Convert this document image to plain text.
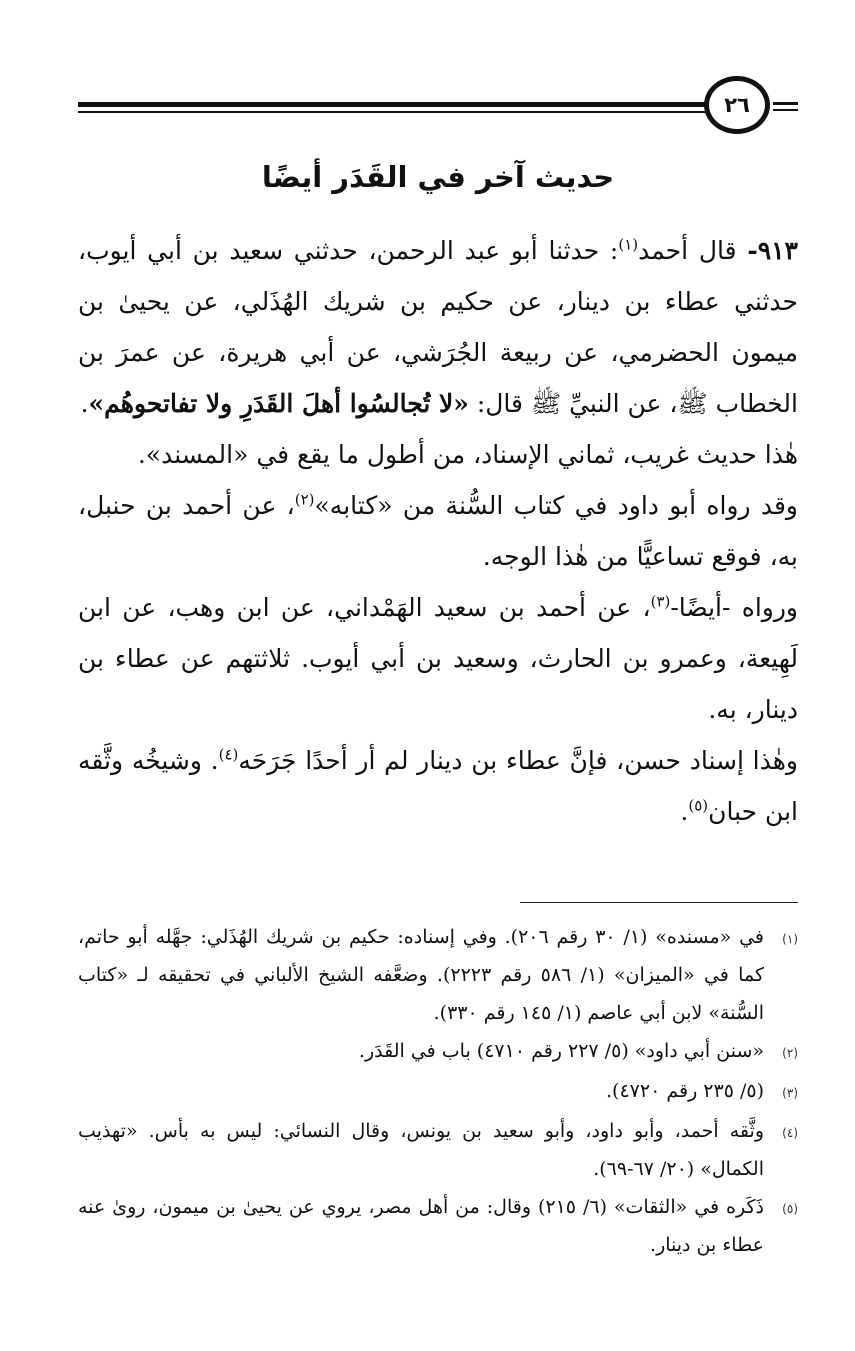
٢٦
حديث آخر في القَدَر أيضًا

٩١٣- قال أحمد$^{(١)}$: حدثنا أبو عبد الرحمن، حدثني سعيد بن أبي أيوب، حدثني عطاء بن دينار، عن حكيم بن شريك الهُذَلي، عن يحيىٰ بن ميمون الحضرمي، عن ربيعة الجُرَشي، عن أبي هريرة، عن عمرَ بن الخطاب ﷺ، عن النبيِّ ﷺ قال: «لا تُجالسُوا أهلَ القَدَرِ ولا تفاتحوهُم».

هٰذا حديث غريب، ثماني الإسناد، من أطول ما يقع في «المسند».

وقد رواه أبو داود في كتاب السُّنة من «كتابه»$^{(٢)}$، عن أحمد بن حنبل، به، فوقع تساعيًّا من هٰذا الوجه.

ورواه -أيضًا-$^{(٣)}$، عن أحمد بن سعيد الهَمْداني، عن ابن وهب، عن ابن لَهِيعة، وعمرو بن الحارث، وسعيد بن أبي أيوب. ثلاثتهم عن عطاء بن دينار، به.

وهٰذا إسناد حسن، فإنَّ عطاء بن دينار لم أر أحدًا جَرَحَه$^{(٤)}$. وشيخُه وثَّقه ابن حبان$^{(٥)}$.

(١)
في «مسنده» (١/ ٣٠ رقم ٢٠٦). وفي إسناده: حكيم بن شريك الهُذَلي: جهَّله أبو حاتم، كما في «الميزان» (١/ ٥٨٦ رقم ٢٢٢٣). وضعَّفه الشيخ الألباني في تحقيقه لـ «كتاب السُّنة» لابن أبي عاصم (١/ ١٤٥ رقم ٣٣٠).
(٢)
«سنن أبي داود» (٥/ ٢٢٧ رقم ٤٧١٠) باب في القَدَر.
(٣)
(٥/ ٢٣٥ رقم ٤٧٢٠).
(٤)
وثَّقه أحمد، وأبو داود، وأبو سعيد بن يونس، وقال النسائي: ليس به بأس. «تهذيب الكمال» (٢٠/ ٦٧-٦٩).
(٥)
ذَكَره في «الثقات» (٦/ ٢١٥) وقال: من أهل مصر، يروي عن يحيىٰ بن ميمون، روىٰ عنه عطاء بن دينار.
